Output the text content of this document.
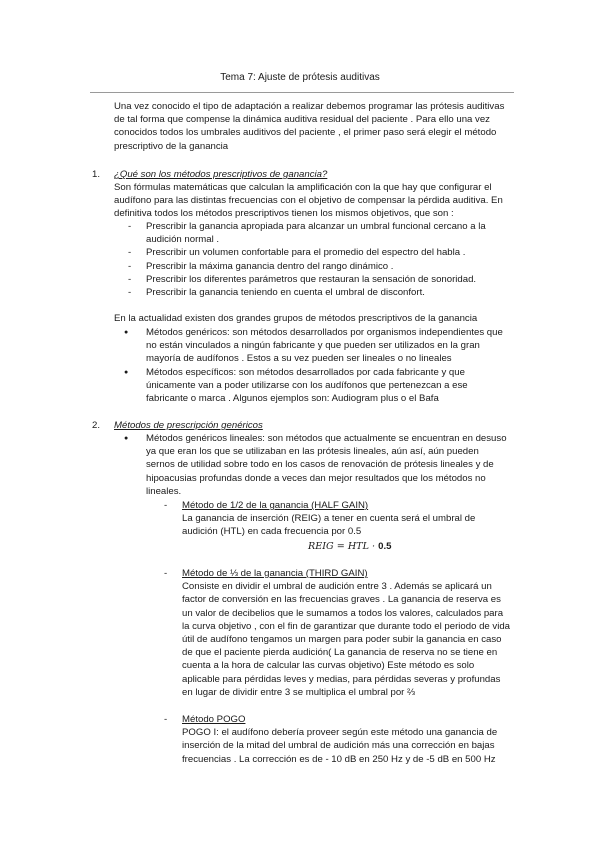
Tema 7: Ajuste de prótesis auditivas

Una vez conocido el tipo de adaptación a realizar debemos programar las prótesis auditivas

de tal forma que compense la dinámica auditiva residual del paciente . Para ello una vez

conocidos todos los umbrales auditivos del paciente , el primer paso será elegir el método

prescriptivo de la ganancia

1. ¿Qué son los métodos prescriptivos de ganancia?

Son fórmulas matemáticas que calculan la amplificación con la que hay que configurar el

audífono para las distintas frecuencias con el objetivo de compensar la pérdida auditiva. En

definitiva todos los métodos prescriptivos tienen los mismos objetivos, que son :

- Prescribir la ganancia apropiada para alcanzar un umbral funcional cercano a la

audición normal .

- Prescribir un volumen confortable para el promedio del espectro del habla .

- Prescribir la máxima ganancia dentro del rango dinámico .

- Prescribir los diferentes parámetros que restauran la sensación de sonoridad.

- Prescribir la ganancia teniendo en cuenta el umbral de disconfort.

En la actualidad existen dos grandes grupos de métodos prescriptivos de la ganancia

● Métodos genéricos: son métodos desarrollados por organismos independientes que

no están vinculados a ningún fabricante y que pueden ser utilizados en la gran

mayoría de audífonos . Estos a su vez pueden ser lineales o no lineales

● Métodos específicos: son métodos desarrollados por cada fabricante y que

únicamente van a poder utilizarse con los audífonos que pertenezcan a ese

fabricante o marca . Algunos ejemplos son: Audiogram plus o el Bafa

2. Métodos de prescripción genéricos

● Métodos genéricos lineales: son métodos que actualmente se encuentran en desuso

ya que eran los que se utilizaban en las prótesis lineales, aún así, aún pueden

sernos de utilidad sobre todo en los casos de renovación de prótesis lineales y de

hipoacusias profundas donde a veces dan mejor resultados que los métodos no

lineales.

- Método de 1/2 de la ganancia (HALF GAIN)

La ganancia de inserción (REIG) a tener en cuenta será el umbral de

audición (HTL) en cada frecuencia por 0.5

REIG = HTL · 0.5

- Método de ⅓ de la ganancia (THIRD GAIN)

Consiste en dividir el umbral de audición entre 3 . Además se aplicará un

factor de conversión en las frecuencias graves . La ganancia de reserva es

un valor de decibelios que le sumamos a todos los valores, calculados para

la curva objetivo , con el fin de garantizar que durante todo el periodo de vida

útil de audífono tengamos un margen para poder subir la ganancia en caso

de que el paciente pierda audición( La ganancia de reserva no se tiene en

cuenta a la hora de calcular las curvas objetivo) Este método es solo

aplicable para pérdidas leves y medias, para pérdidas severas y profundas

en lugar de dividir entre 3 se multiplica el umbral por ⅔

- Método POGO

POGO I: el audífono debería proveer según este método una ganancia de

inserción de la mitad del umbral de audición más una corrección en bajas

frecuencias . La corrección es de - 10 dB en 250 Hz y de -5 dB en 500 Hz
